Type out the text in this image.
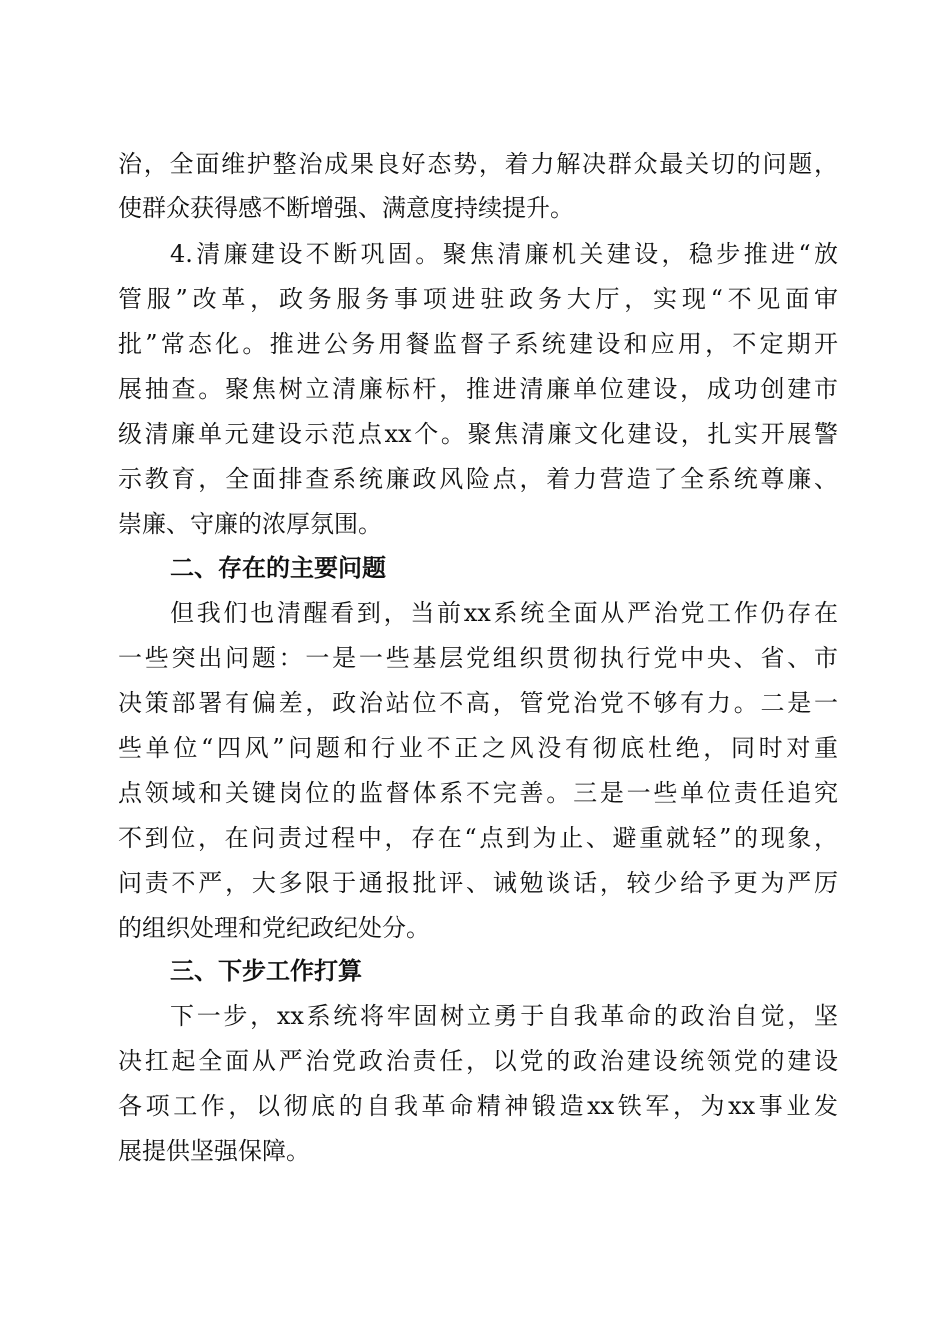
治，全面维护整治成果良好态势，着力解决群众最关切的问题，
使群众获得感不断增强、满意度持续提升。
4.清廉建设不断巩固。聚焦清廉机关建设，稳步推进“放
管服”改革，政务服务事项进驻政务大厅，实现“不见面审
批”常态化。推进公务用餐监督子系统建设和应用，不定期开
展抽查。聚焦树立清廉标杆，推进清廉单位建设，成功创建市
级清廉单元建设示范点xx个。聚焦清廉文化建设，扎实开展警
示教育，全面排查系统廉政风险点，着力营造了全系统尊廉、
崇廉、守廉的浓厚氛围。
二、存在的主要问题
但我们也清醒看到，当前xx系统全面从严治党工作仍存在
一些突出问题：一是一些基层党组织贯彻执行党中央、省、市
决策部署有偏差，政治站位不高，管党治党不够有力。二是一
些单位“四风”问题和行业不正之风没有彻底杜绝，同时对重
点领域和关键岗位的监督体系不完善。三是一些单位责任追究
不到位，在问责过程中，存在“点到为止、避重就轻”的现象，
问责不严，大多限于通报批评、诫勉谈话，较少给予更为严厉
的组织处理和党纪政纪处分。
三、下步工作打算
下一步，xx系统将牢固树立勇于自我革命的政治自觉，坚
决扛起全面从严治党政治责任，以党的政治建设统领党的建设
各项工作，以彻底的自我革命精神锻造xx铁军，为xx事业发
展提供坚强保障。
